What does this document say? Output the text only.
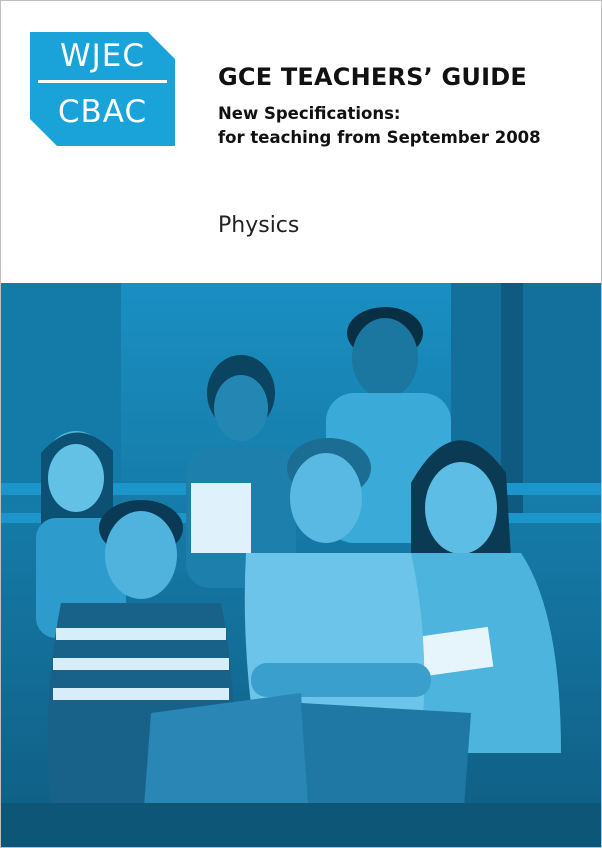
WJEC
CBAC
GCE TEACHERS’ GUIDE
New Specifications:
for teaching from September 2008
Physics
